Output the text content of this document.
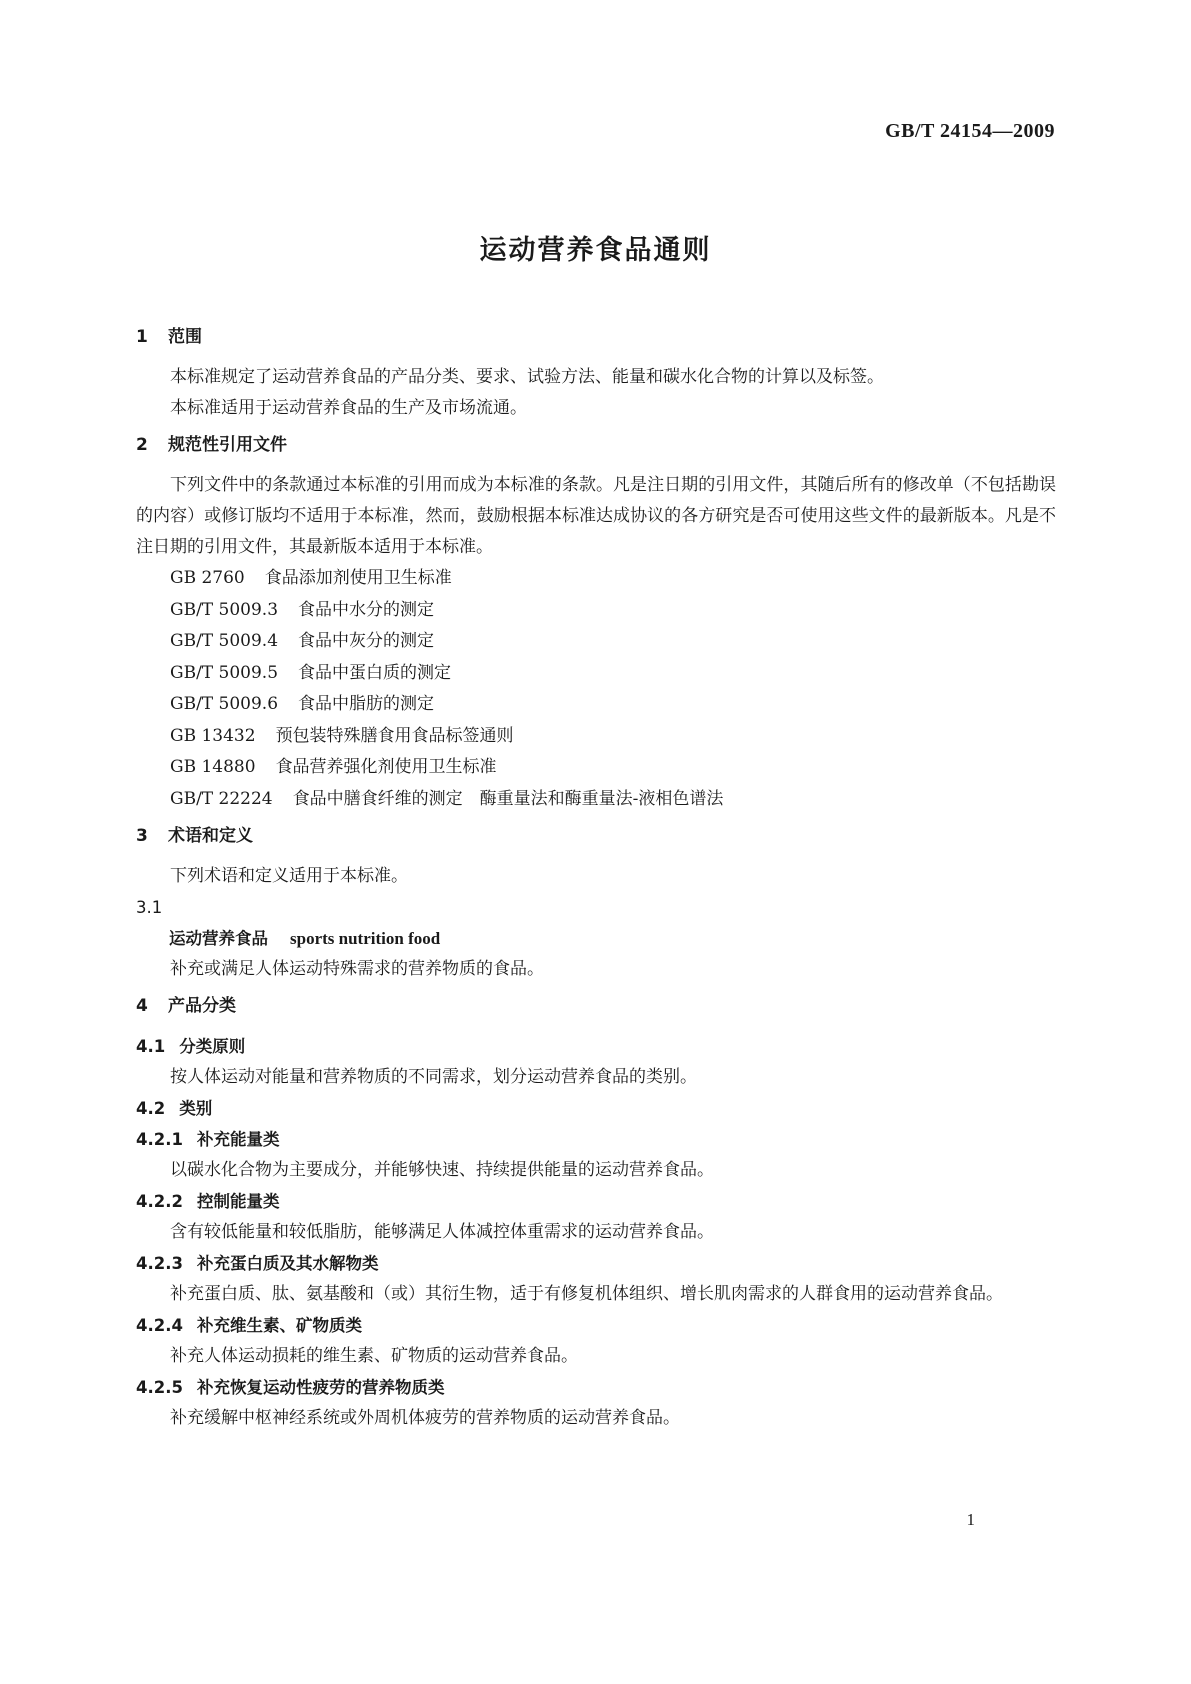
GB/T 24154—2009
运动营养食品通则
1 范围

本标准规定了运动营养食品的产品分类、要求、试验方法、能量和碳水化合物的计算以及标签。

本标准适用于运动营养食品的生产及市场流通。

2 规范性引用文件

下列文件中的条款通过本标准的引用而成为本标准的条款。凡是注日期的引用文件，其随后所有的修改单（不包括勘误的内容）或修订版均不适用于本标准，然而，鼓励根据本标准达成协议的各方研究是否可使用这些文件的最新版本。凡是不注日期的引用文件，其最新版本适用于本标准。

GB 2760 食品添加剂使用卫生标准
GB/T 5009.3 食品中水分的测定
GB/T 5009.4 食品中灰分的测定
GB/T 5009.5 食品中蛋白质的测定
GB/T 5009.6 食品中脂肪的测定
GB 13432 预包装特殊膳食用食品标签通则
GB 14880 食品营养强化剂使用卫生标准
GB/T 22224 食品中膳食纤维的测定　酶重量法和酶重量法-液相色谱法
3 术语和定义

下列术语和定义适用于本标准。

3.1
运动营养食品 sports nutrition food

补充或满足人体运动特殊需求的营养物质的食品。

4 产品分类
4.1 分类原则

按人体运动对能量和营养物质的不同需求，划分运动营养食品的类别。

4.2 类别
4.2.1 补充能量类

以碳水化合物为主要成分，并能够快速、持续提供能量的运动营养食品。

4.2.2 控制能量类

含有较低能量和较低脂肪，能够满足人体减控体重需求的运动营养食品。

4.2.3 补充蛋白质及其水解物类

补充蛋白质、肽、氨基酸和（或）其衍生物，适于有修复机体组织、增长肌肉需求的人群食用的运动营养食品。

4.2.4 补充维生素、矿物质类

补充人体运动损耗的维生素、矿物质的运动营养食品。

4.2.5 补充恢复运动性疲劳的营养物质类

补充缓解中枢神经系统或外周机体疲劳的营养物质的运动营养食品。

1
